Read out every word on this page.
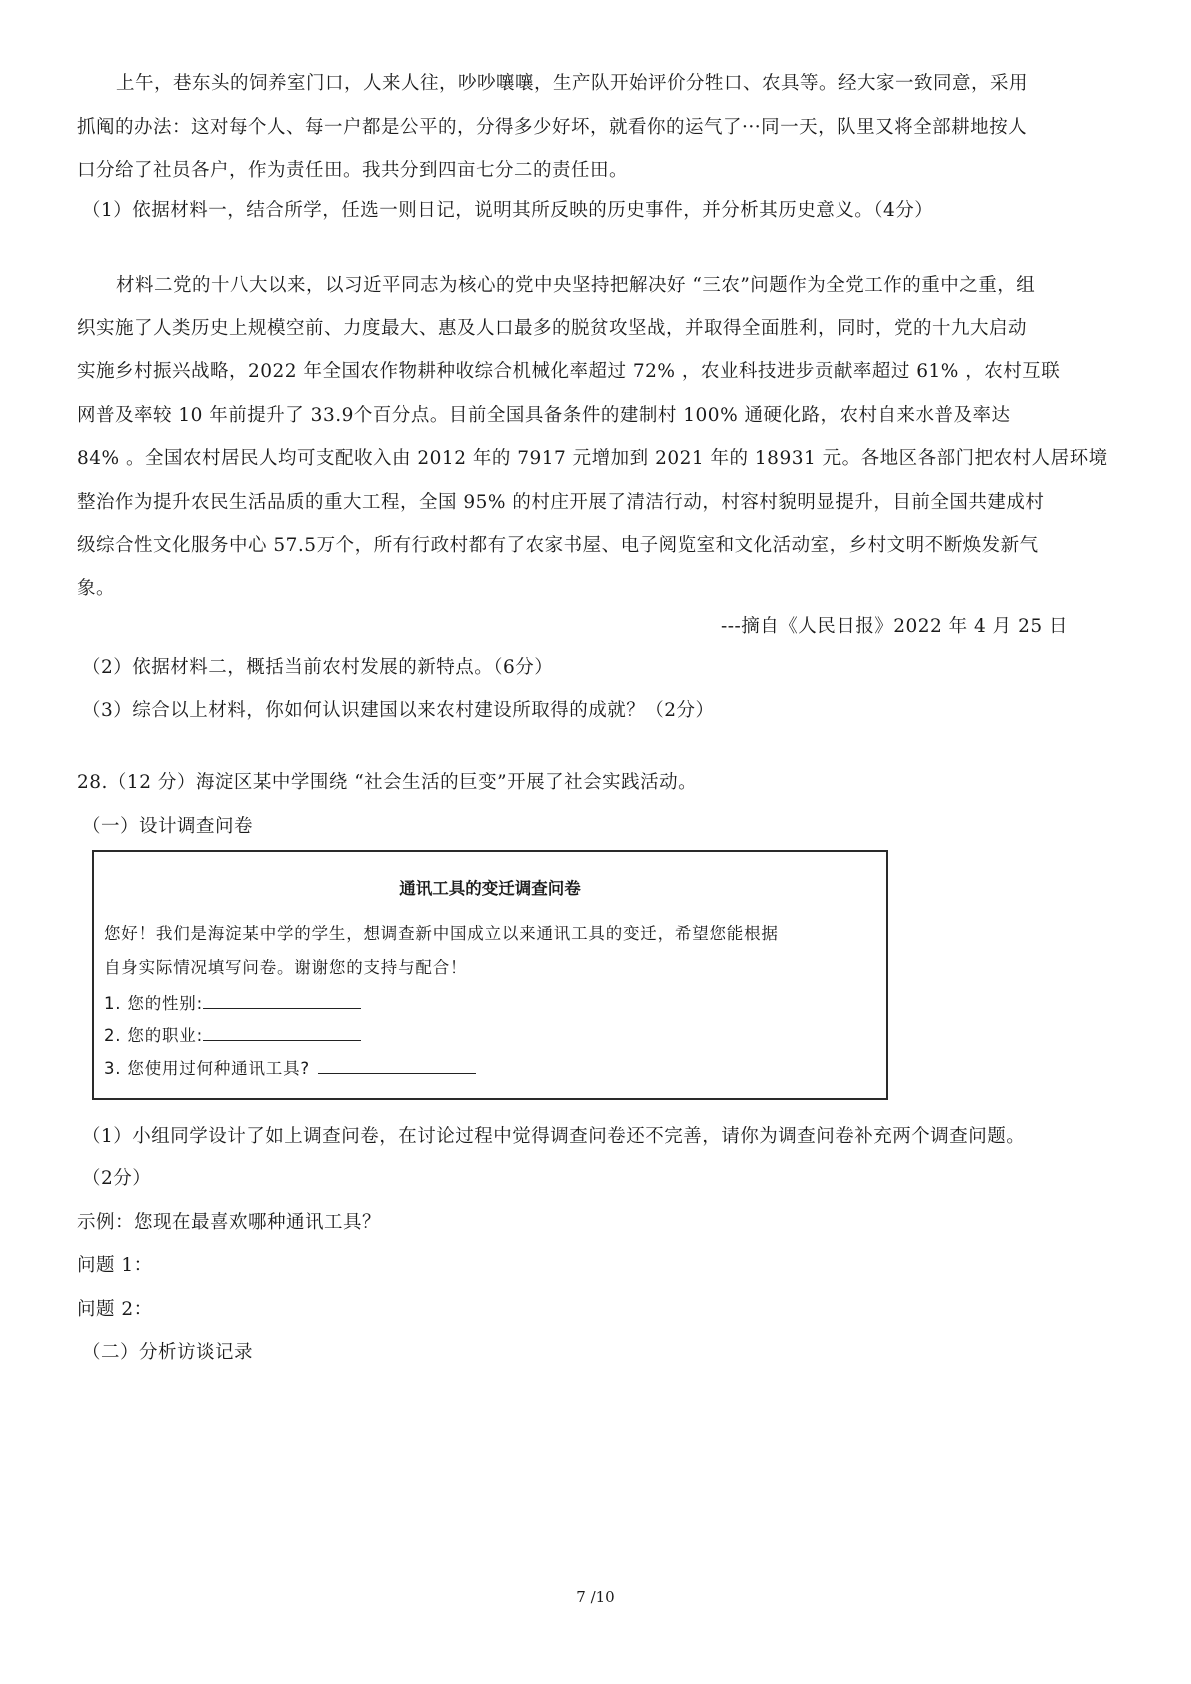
上午，巷东头的饲养室门口，人来人往，吵吵嚷嚷，生产队开始评价分牲口、农具等。经大家一致同意，采用
抓阄的办法：这对每个人、每一户都是公平的，分得多少好坏，就看你的运气了···同一天，队里又将全部耕地按人
口分给了社员各户，作为责任田。我共分到四亩七分二的责任田。
（1）依据材料一，结合所学，任选一则日记，说明其所反映的历史事件，并分析其历史意义。（4分）
材料二党的十八大以来，以习近平同志为核心的党中央坚持把解决好 “三农”问题作为全党工作的重中之重，组
织实施了人类历史上规模空前、力度最大、惠及人口最多的脱贫攻坚战，并取得全面胜利，同时，党的十九大启动
实施乡村振兴战略，2022 年全国农作物耕种收综合机械化率超过 72% ，农业科技进步贡献率超过 61% ，农村互联
网普及率较 10 年前提升了 33.9个百分点。目前全国具备条件的建制村 100% 通硬化路，农村自来水普及率达
84% 。全国农村居民人均可支配收入由 2012 年的 7917 元增加到 2021 年的 18931 元。各地区各部门把农村人居环境
整治作为提升农民生活品质的重大工程，全国 95% 的村庄开展了清洁行动，村容村貌明显提升，目前全国共建成村
级综合性文化服务中心 57.5万个，所有行政村都有了农家书屋、电子阅览室和文化活动室，乡村文明不断焕发新气
象。
---摘自《人民日报》2022 年 4 月 25 日
（2）依据材料二，概括当前农村发展的新特点。（6分）
（3）综合以上材料，你如何认识建国以来农村建设所取得的成就？（2分）
28.（12 分）海淀区某中学围绕 “社会生活的巨变”开展了社会实践活动。
（一）设计调查问卷
通讯工具的变迁调查问卷
您好！我们是海淀某中学的学生，想调查新中国成立以来通讯工具的变迁，希望您能根据
自身实际情况填写问卷。谢谢您的支持与配合！
1. 您的性别:
2. 您的职业:
3. 您使用过何种通讯工具?
（1）小组同学设计了如上调查问卷，在讨论过程中觉得调查问卷还不完善，请你为调查问卷补充两个调查问题。
（2分）
示例：您现在最喜欢哪种通讯工具？
问题 1：
问题 2：
（二）分析访谈记录
7 /10
